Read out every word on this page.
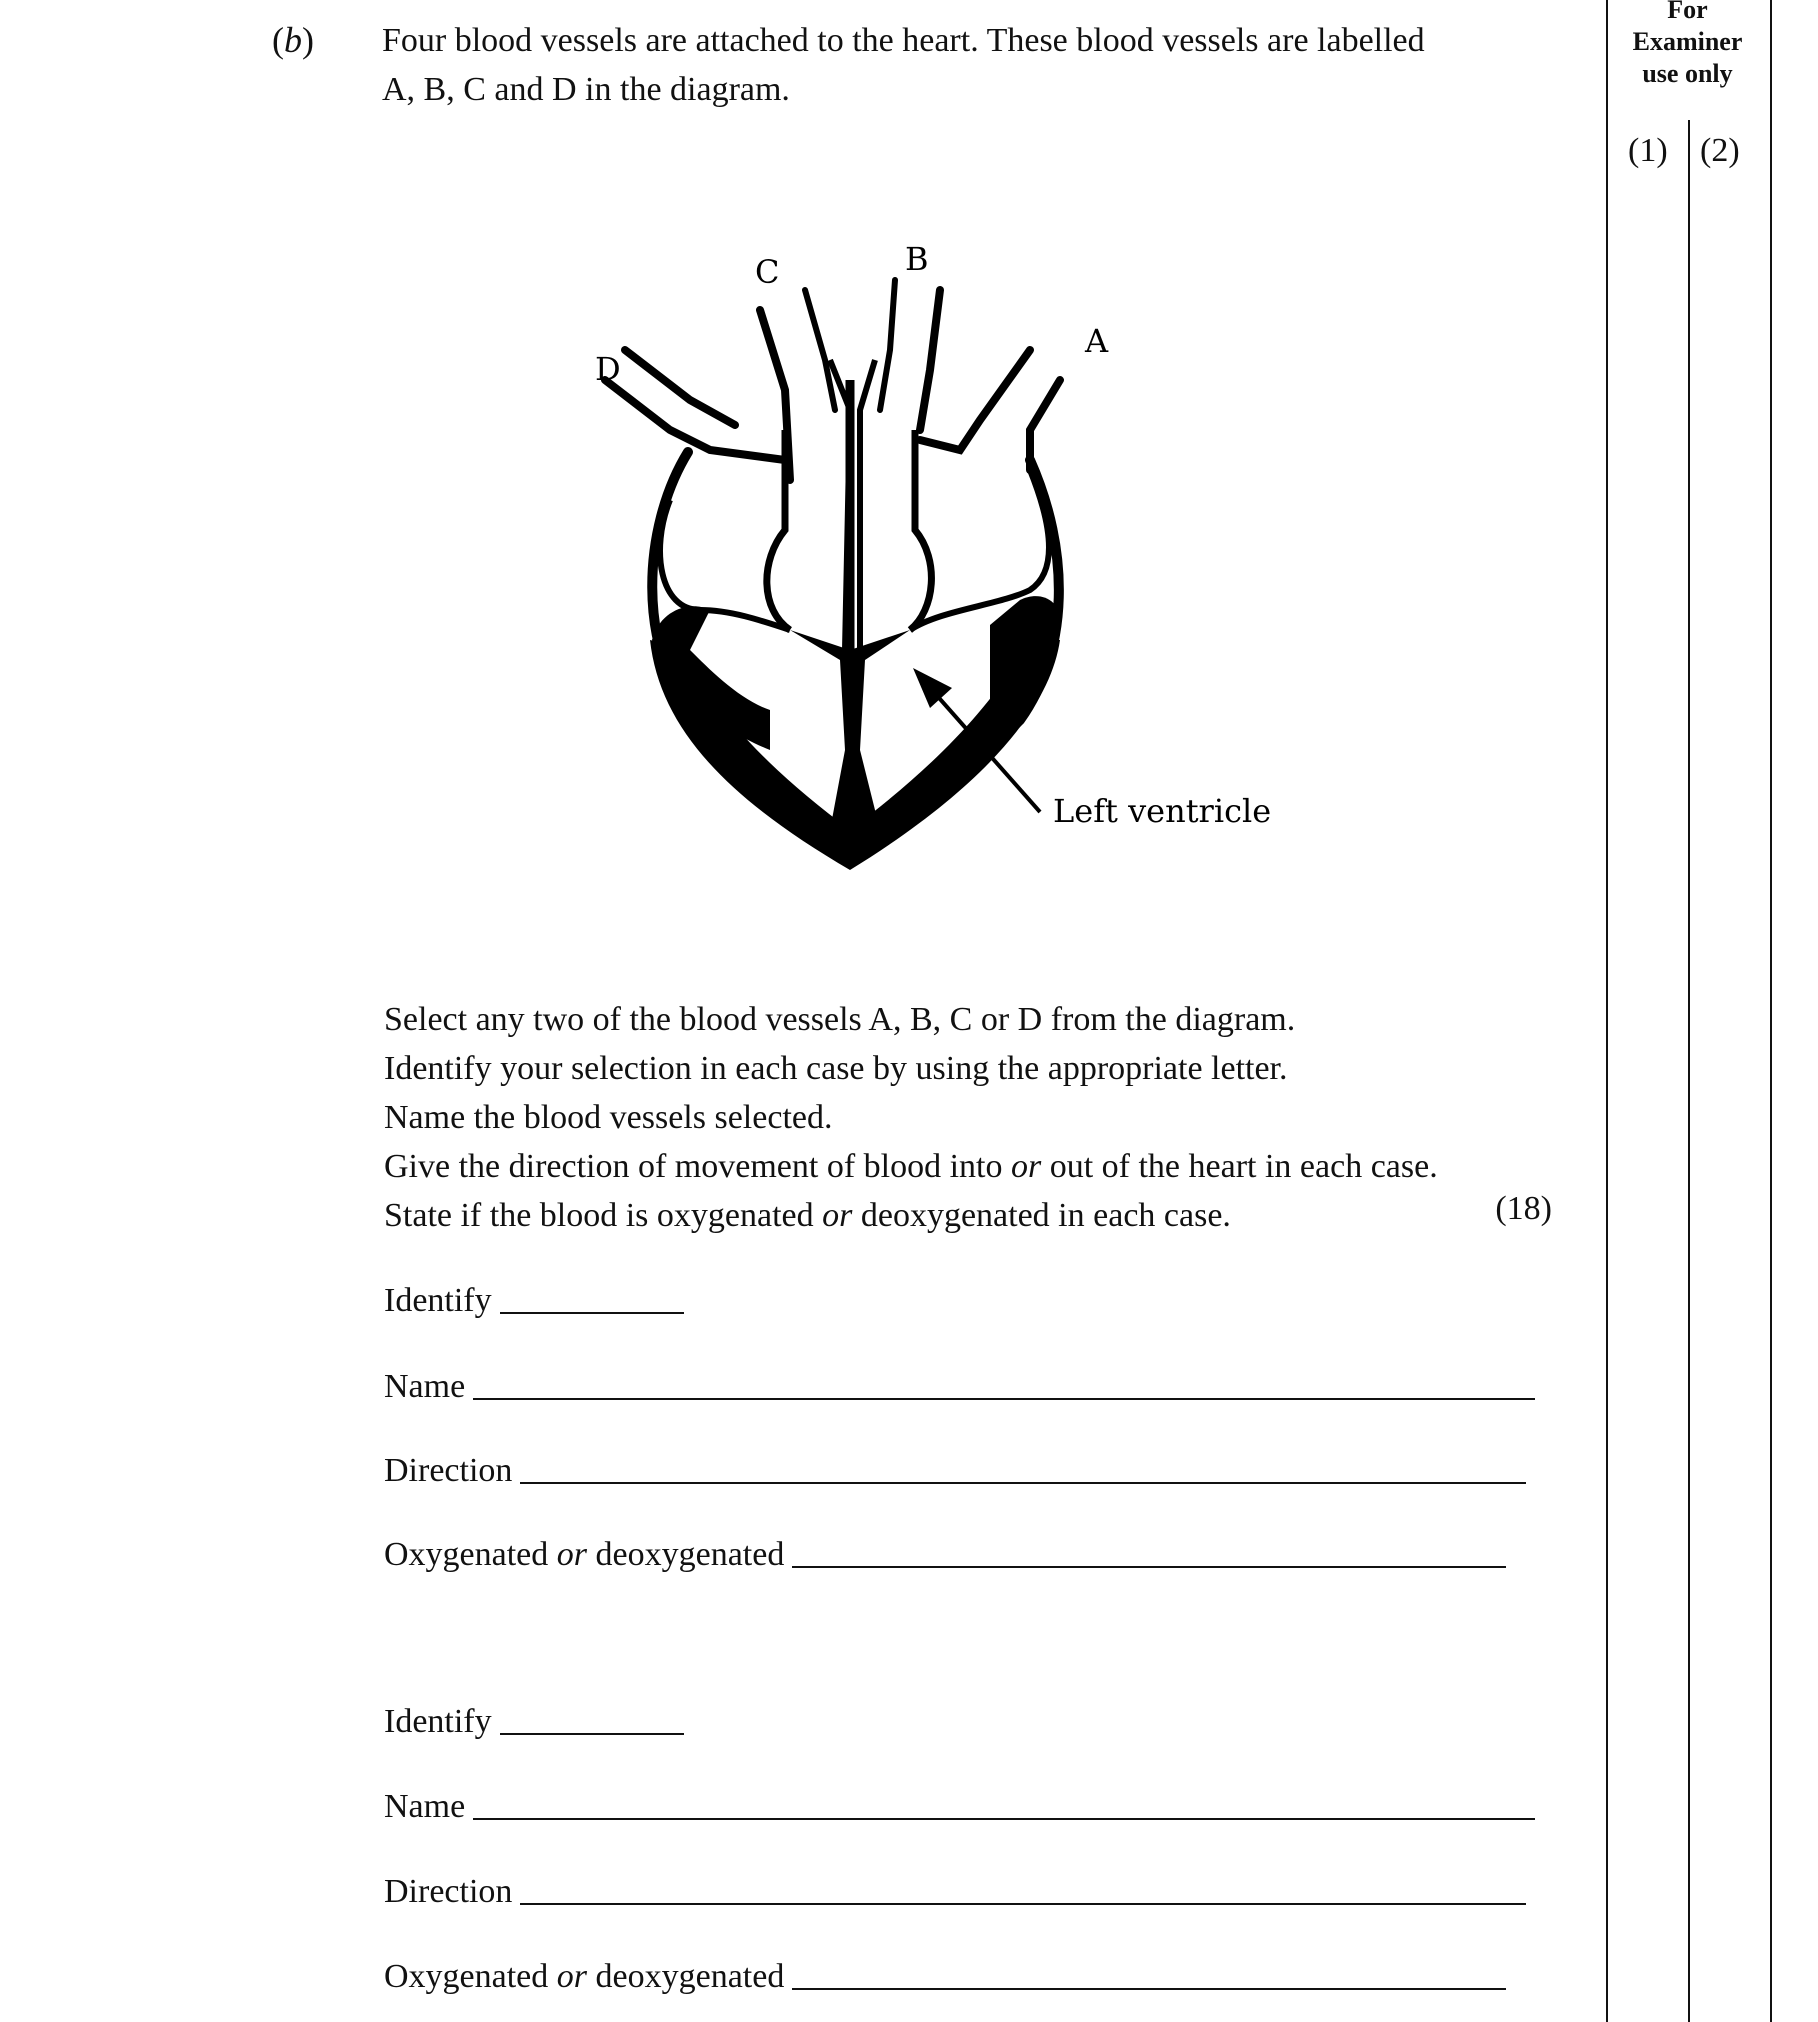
(b) Four blood vessels are attached to the heart. These blood vessels are labelled
A, B, C and D in the diagram.
For
Examiner
use only
(1) (2)
C	B
A
D
Left ventricle
Select any two of the blood vessels A, B, C or D from the diagram.
Identify your selection in each case by using the appropriate letter.
Name the blood vessels selected.
Give the direction of movement of blood into or out of the heart in each case.
State if the blood is oxygenated or deoxygenated in each case.	(18)
Identify
Name
Direction
Oxygenated or deoxygenated
Identify
Name
Direction
Oxygenated or deoxygenated
